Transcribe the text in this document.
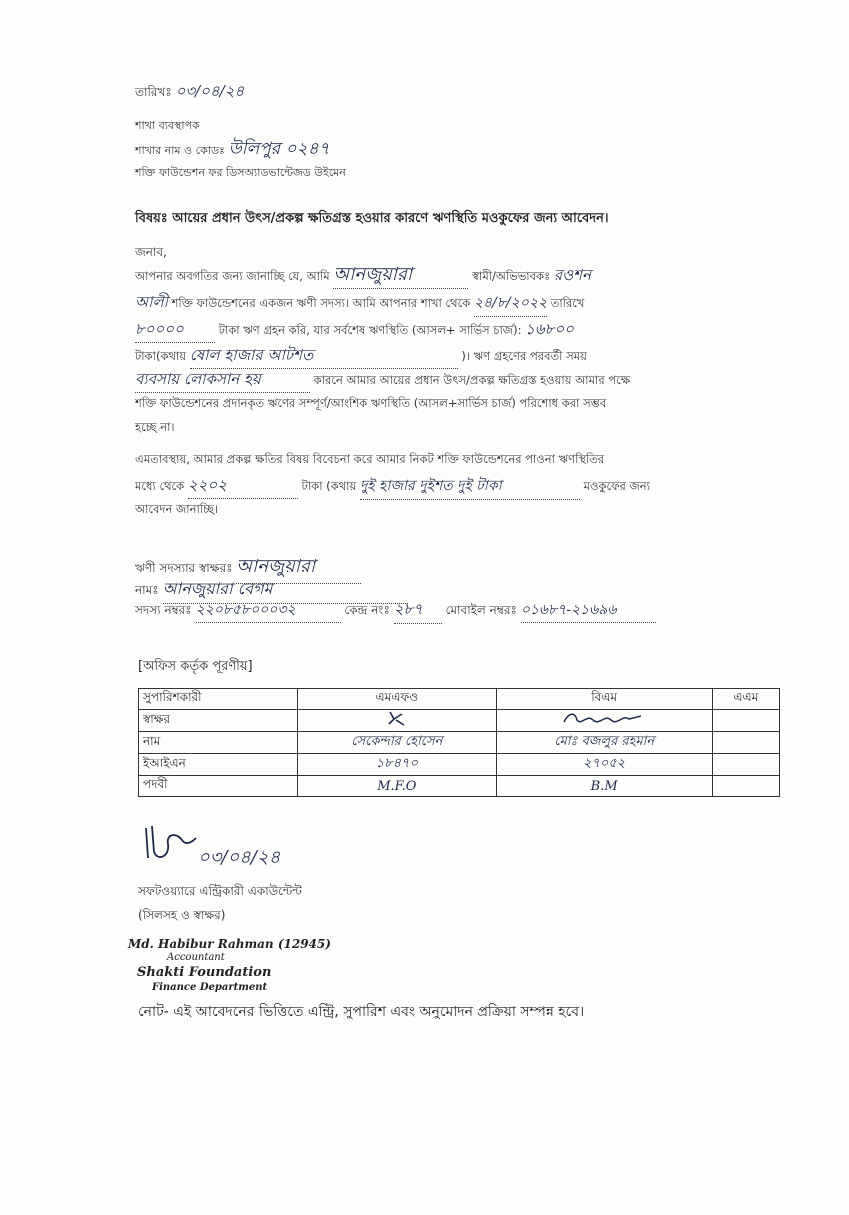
তারিখঃ ০৩/০৪/২৪
শাখা ব্যবস্থাপক
শাখার নাম ও কোডঃ উলিপুর ০২৪৭
শক্তি ফাউন্ডেশন ফর ডিসঅ্যাডভান্টেজড উইমেন
বিষয়ঃ আয়ের প্রধান উৎস/প্রকল্প ক্ষতিগ্রস্ত হওয়ার কারণে ঋণস্থিতি মওকুফের জন্য আবেদন।
জনাব,
আপনার অবগতির জন্য জানাচ্ছি যে, আমি আনজুয়ারা	স্বামী/অভিভাবকঃ রওশন
আলী শক্তি ফাউন্ডেশনের একজন ঋণী সদস্য। আমি আপনার শাখা থেকে ২৪/৮/২০২২ তারিখে
৮০০০০	টাকা ঋণ গ্রহন করি, যার সর্বশেষ ঋণস্থিতি (আসল+ সার্ভিস চার্জ): ১৬৮০০
টাকা(কথায় ষোল হাজার আটশত	)। ঋণ গ্রহণের পরবর্তী সময়
ব্যবসায় লোকসান হয়	কারনে আমার আয়ের প্রধান উৎস/প্রকল্প ক্ষতিগ্রস্ত হওয়ায় আমার পক্ষে
শক্তি ফাউন্ডেশনের প্রদানকৃত ঋণের সম্পূর্ণ/আংশিক ঋণস্থিতি (আসল+সার্ভিস চার্জ) পরিশোধ করা সম্ভব
হচ্ছে না।
এমতাবস্থায়, আমার প্রকল্প ক্ষতির বিষয় বিবেচনা করে আমার নিকট শক্তি ফাউন্ডেশনের পাওনা ঋণস্থিতির
মধ্যে থেকে ২২০২	টাকা (কথায় দুই হাজার দুইশত দুই টাকা	মওকুফের জন্য
আবেদন জানাচ্ছি।
ঋণী সদস্যার স্বাক্ষরঃ আনজুয়ারা
নামঃ আনজুয়ারা বেগম
সদস্য নম্বরঃ ২২০৮৫৮০০০৩২	কেন্দ্র নংঃ ২৮৭ মোবাইল নম্বরঃ ০১৬৮৭-২১৬৯৬
[অফিস কর্তৃক পূরণীয়]
সুপারিশকারী	এমএফও	বিএম	এএম
স্বাক্ষর			
নাম	সেকেন্দার হোসেন	মোঃ বজলুর রহমান	
ইআইএন	১৮৪৭০	২৭০৫২	
পদবী	M.F.O	B.M	
০৩/০৪/২৪
সফটওয়্যারে এন্ট্রিকারী একাউন্টেন্ট
(সিলসহ ও স্বাক্ষর)
Md. Habibur Rahman (12945)
Accountant
Shakti Foundation
Finance Department
নোট- এই আবেদনের ভিত্তিতে এন্ট্রি, সুপারিশ এবং অনুমোদন প্রক্রিয়া সম্পন্ন হবে।
